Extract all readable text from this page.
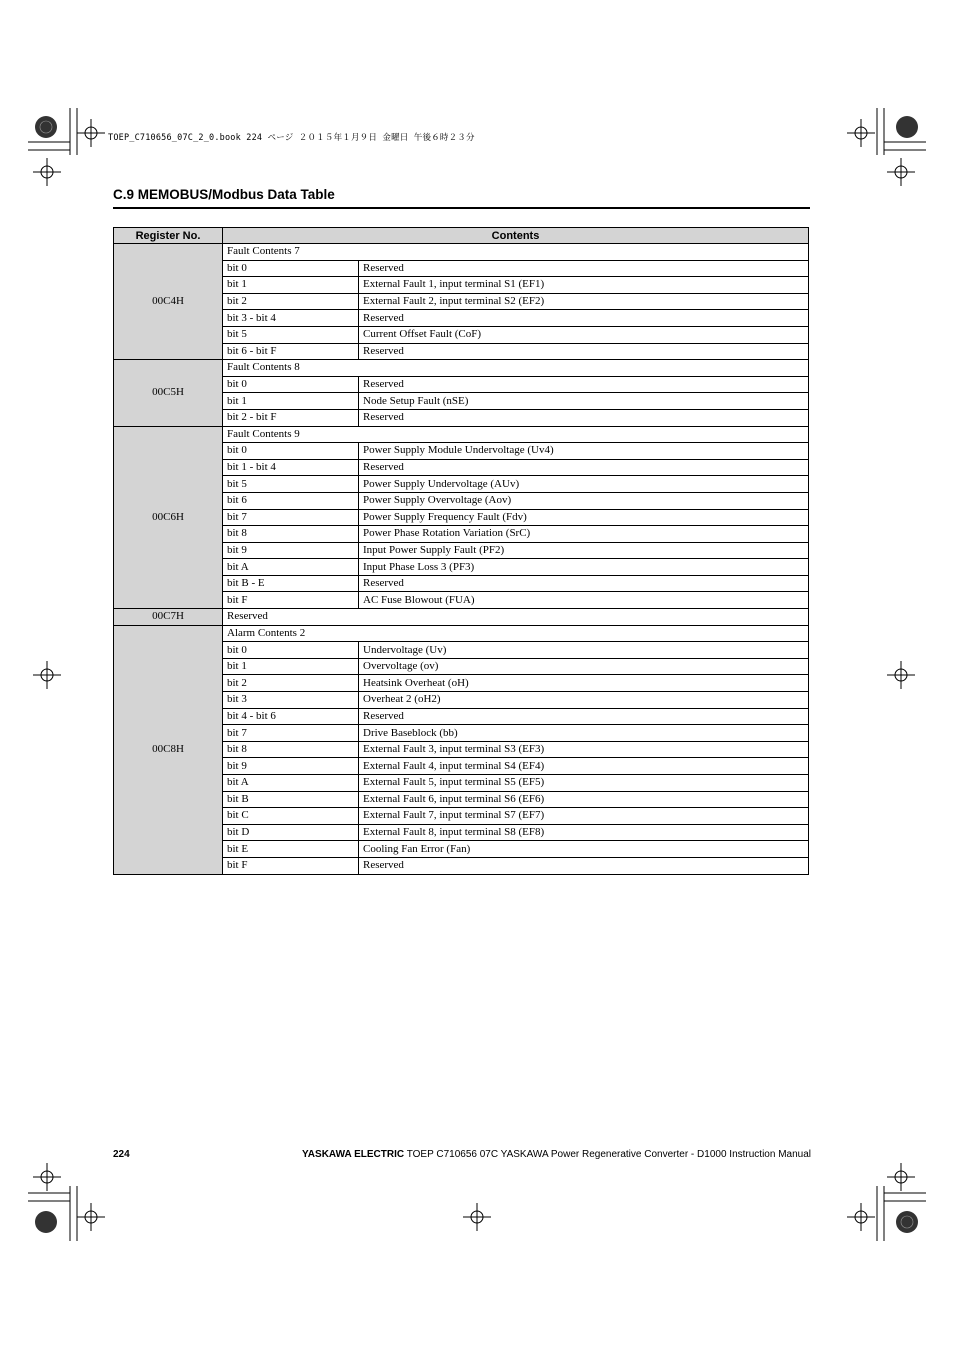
TOEP_C710656_07C_2_0.book 224 ページ ２０１５年１月９日 金曜日 午後６時２３分
C.9 MEMOBUS/Modbus Data Table
Register No.	Contents	
00C4H	Fault Contents 7	
	bit 0	Reserved
	bit 1	External Fault 1, input terminal S1 (EF1)
	bit 2	External Fault 2, input terminal S2 (EF2)
	bit 3 - bit 4	Reserved
	bit 5	Current Offset Fault (CoF)
	bit 6 - bit F	Reserved
00C5H	Fault Contents 8	
	bit 0	Reserved
	bit 1	Node Setup Fault (nSE)
	bit 2 - bit F	Reserved
00C6H	Fault Contents 9	
	bit 0	Power Supply Module Undervoltage (Uv4)
	bit 1 - bit 4	Reserved
	bit 5	Power Supply Undervoltage (AUv)
	bit 6	Power Supply Overvoltage (Aov)
	bit 7	Power Supply Frequency Fault (Fdv)
	bit 8	Power Phase Rotation Variation (SrC)
	bit 9	Input Power Supply Fault (PF2)
	bit A	Input Phase Loss 3 (PF3)
	bit B - E	Reserved
	bit F	AC Fuse Blowout (FUA)
00C7H	Reserved	
00C8H	Alarm Contents 2	
	bit 0	Undervoltage (Uv)
	bit 1	Overvoltage (ov)
	bit 2	Heatsink Overheat (oH)
	bit 3	Overheat 2 (oH2)
	bit 4 - bit 6	Reserved
	bit 7	Drive Baseblock (bb)
	bit 8	External Fault 3, input terminal S3 (EF3)
	bit 9	External Fault 4, input terminal S4 (EF4)
	bit A	External Fault 5, input terminal S5 (EF5)
	bit B	External Fault 6, input terminal S6 (EF6)
	bit C	External Fault 7, input terminal S7 (EF7)
	bit D	External Fault 8, input terminal S8 (EF8)
	bit E	Cooling Fan Error (Fan)
	bit F	Reserved
224	YASKAWA ELECTRIC TOEP C710656 07C YASKAWA Power Regenerative Converter - D1000 Instruction Manual
